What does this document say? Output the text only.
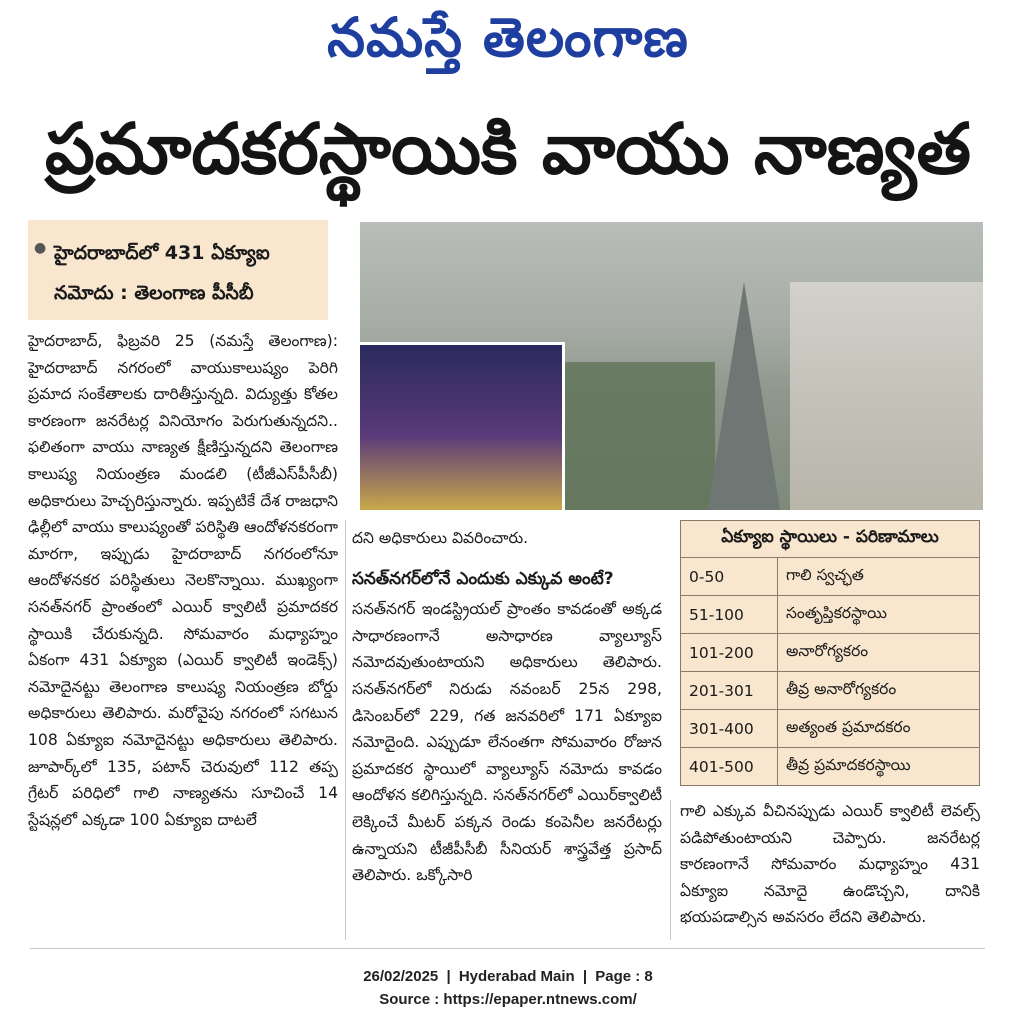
నమస్తే తెలంగాణ
ప్రమాదకరస్థాయికి వాయు నాణ్యత
● హైదరాబాద్‌లో 431 ఏక్యూఐ
నమోదు : తెలంగాణ పీసీబీ
హైదరాబాద్, ఫిబ్రవరి 25 (నమస్తే తెలంగాణ): హైదరాబాద్ నగరంలో వాయుకాలుష్యం పెరిగి ప్రమాద సంకేతాలకు దారితీస్తున్నది. విద్యుత్తు కోతల కారణంగా జనరేటర్ల వినియోగం పెరుగుతున్నదని.. ఫలితంగా వాయు నాణ్యత క్షీణిస్తున్నదని తెలంగాణ కాలుష్య నియంత్రణ మండలి (టీజీఎస్‌పీసీబీ) అధికారులు హెచ్చరిస్తున్నారు. ఇప్పటికే దేశ రాజధాని ఢిల్లీలో వాయు కాలుష్యంతో పరిస్థితి ఆందోళనకరంగా మారగా, ఇప్పుడు హైదరాబాద్ నగరంలోనూ ఆందోళనకర పరిస్థితులు నెలకొన్నాయి. ముఖ్యంగా సనత్‌నగర్ ప్రాంతంలో ఎయిర్ క్వాలిటీ ప్రమాదకర స్థాయికి చేరుకున్నది. సోమవారం మధ్యాహ్నం ఏకంగా 431 ఏక్యూఐ (ఎయిర్ క్వాలిటీ ఇండెక్స్) నమోదైనట్టు తెలంగాణ కాలుష్య నియంత్రణ బోర్డు అధికారులు తెలిపారు. మరోవైపు నగరంలో సగటున 108 ఏక్యూఐ నమోదైనట్టు అధికారులు తెలిపారు. జూపార్క్‌లో 135, పటాన్ చెరువులో 112 తప్ప గ్రేటర్ పరిధిలో గాలి నాణ్యతను సూచించే 14 స్టేషన్లలో ఎక్కడా 100 ఏక్యూఐ దాటలేే
దని అధికారులు వివరించారు.
సనత్‌నగర్‌లోనే ఎందుకు ఎక్కువ అంటే?
సనత్‌నగర్ ఇండస్ట్రియల్ ప్రాంతం కావడంతో అక్కడ సాధారణంగానే అసాధారణ వ్యాల్యూస్ నమోదవుతుంటాయని అధికారులు తెలిపారు. సనత్‌నగర్‌లో నిరుడు నవంబర్ 25న 298, డిసెంబర్‌లో 229, గత జనవరిలో 171 ఏక్యూఐ నమోదైంది. ఎప్పుడూ లేనంతగా సోమవారం రోజున ప్రమాదకర స్థాయిలో వ్యాల్యూస్ నమోదు కావడం ఆందోళన కలిగిస్తున్నది. సనత్‌నగర్‌లో ఎయిర్‌క్వాలిటీ లెక్కించే మీటర్ పక్కన రెండు కంపెనీల జనరేటర్లు ఉన్నాయని టీజీపీసీబీ సీనియర్ శాస్త్రవేత్త ప్రసాద్ తెలిపారు. ఒక్కోసారి
ఏక్యూఐ స్థాయిలు - పరిణామాలు	
0-50	గాలి స్వచ్ఛత
51-100	సంతృప్తికరస్థాయి
101-200	అనారోగ్యకరం
201-301	తీవ్ర అనారోగ్యకరం
301-400	అత్యంత ప్రమాదకరం
401-500	తీవ్ర ప్రమాదకరస్థాయి
గాలి ఎక్కువ వీచినప్పుడు ఎయిర్ క్వాలిటీ లెవల్స్ పడిపోతుంటాయని చెప్పారు. జనరేటర్ల కారణంగానే సోమవారం మధ్యాహ్నం 431 ఏక్యూఐ నమోదై ఉండొచ్చని, దానికి భయపడాల్సిన అవసరం లేదని తెలిపారు.
26/02/2025 | Hyderabad Main | Page : 8
Source : https://epaper.ntnews.com/
